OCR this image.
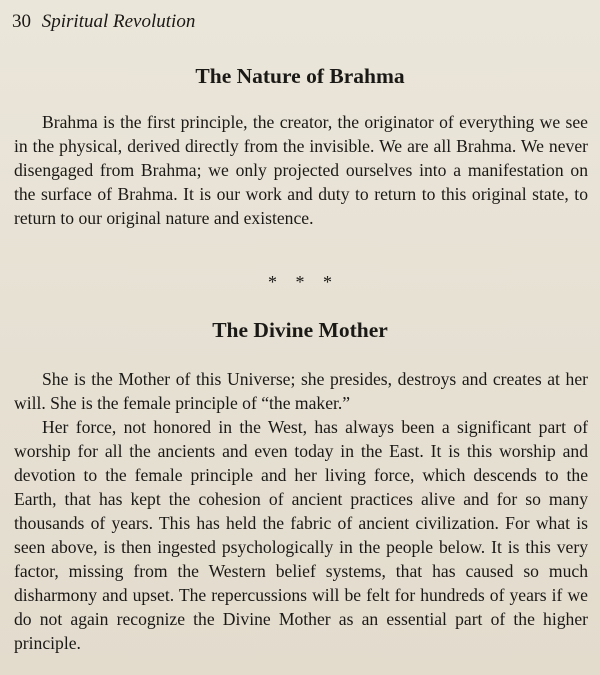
30 Spiritual Revolution
The Nature of Brahma

Brahma is the first principle, the creator, the originator of everything we see in the physical, derived directly from the invisible. We are all Brahma. We never disengaged from Brahma; we only projected ourselves into a manifestation on the surface of Brahma. It is our work and duty to return to this original state, to return to our original nature and existence.

* * *
The Divine Mother

She is the Mother of this Universe; she presides, destroys and creates at her will. She is the female principle of “the maker.”

Her force, not honored in the West, has always been a significant part of worship for all the ancients and even today in the East. It is this worship and devotion to the female principle and her living force, which descends to the Earth, that has kept the cohesion of ancient practices alive and for so many thousands of years. This has held the fabric of ancient civilization. For what is seen above, is then ingested psychologically in the people below. It is this very factor, missing from the Western belief systems, that has caused so much disharmony and upset. The repercussions will be felt for hundreds of years if we do not again recognize the Divine Mother as an essential part of the higher principle.
